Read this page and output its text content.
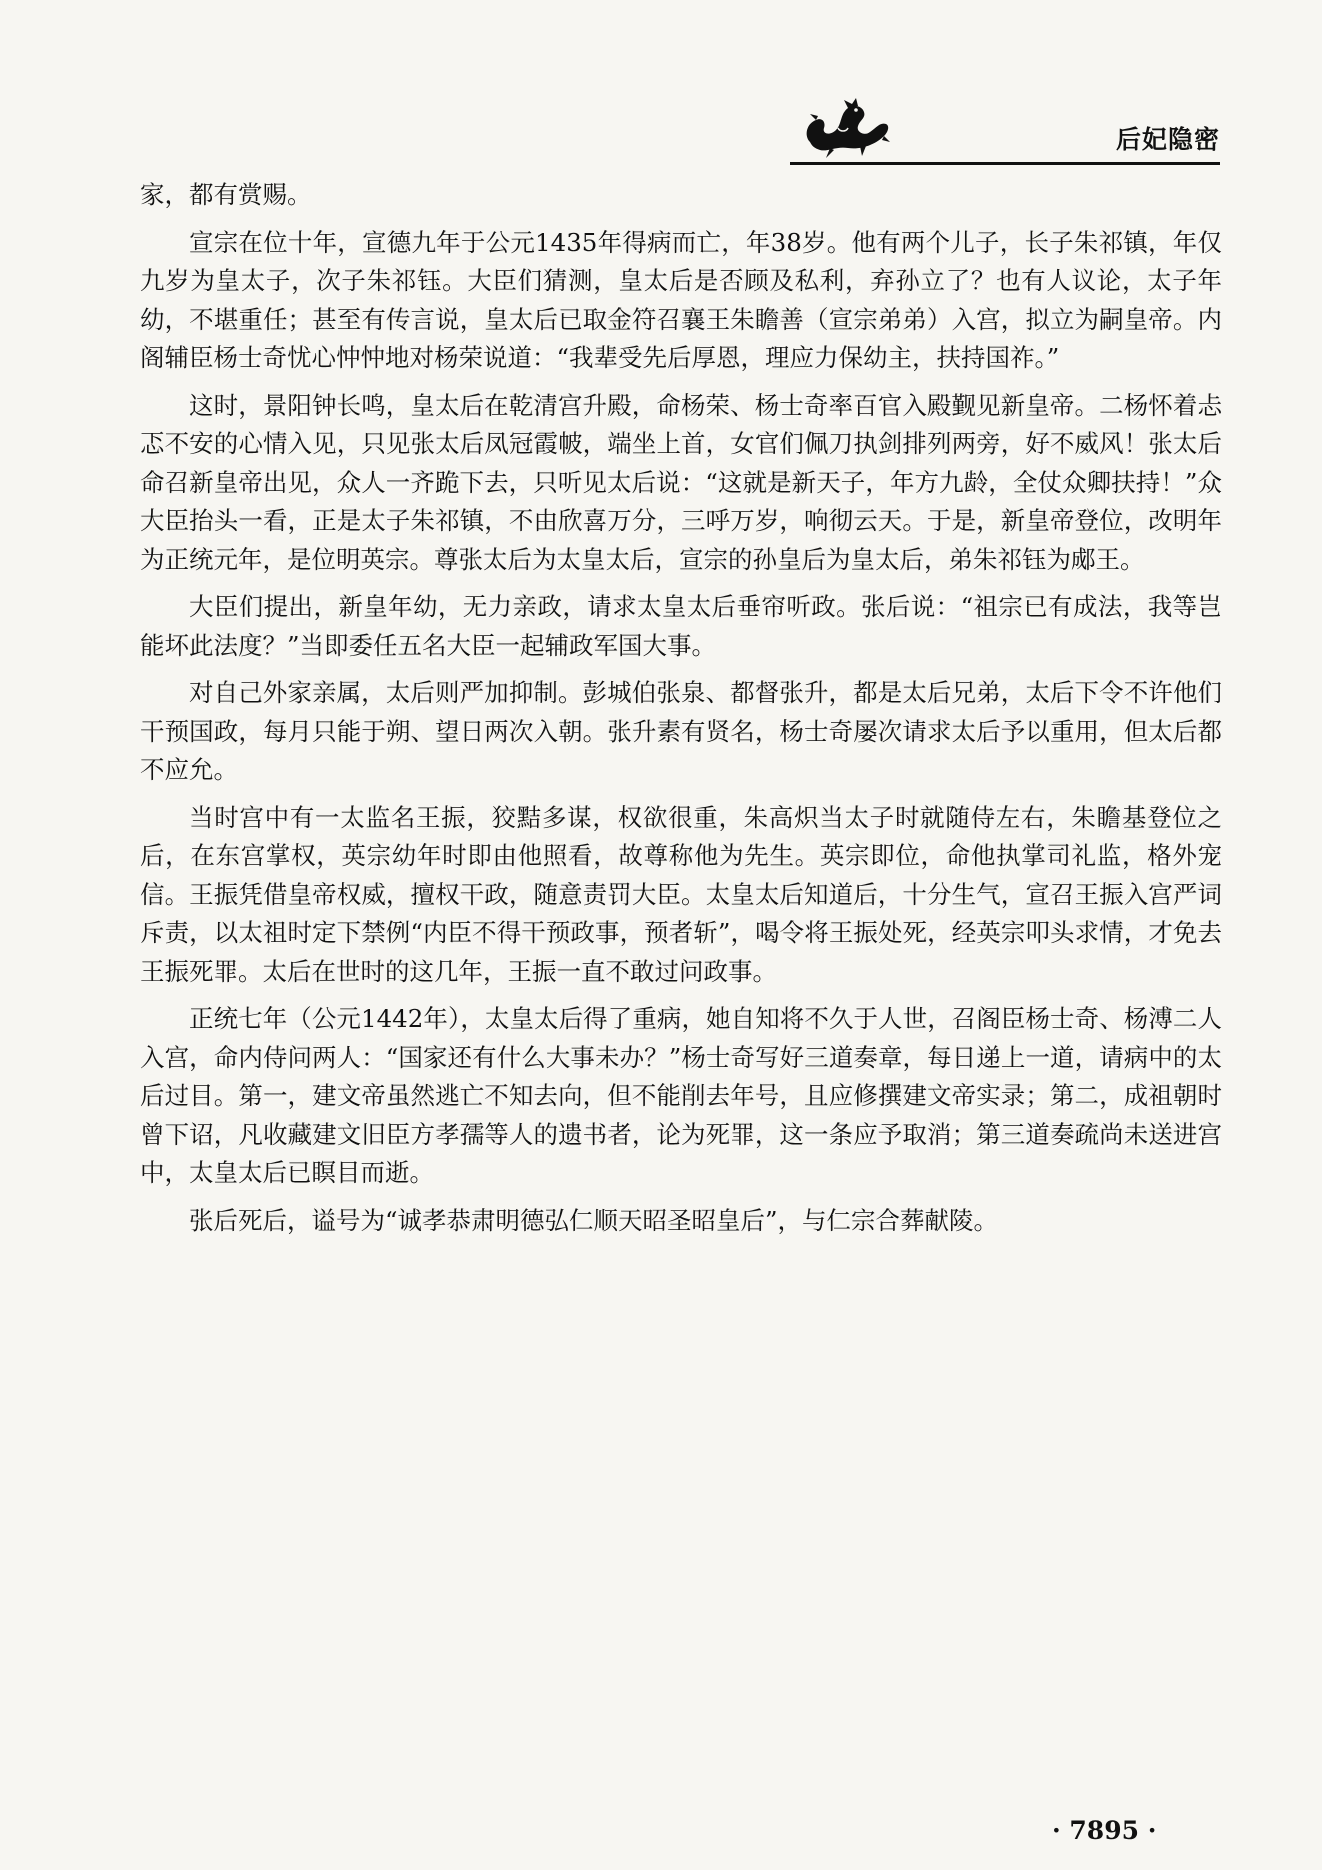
后妃隐密

家，都有赏赐。

宣宗在位十年，宣德九年于公元1435年得病而亡，年38岁。他有两个儿子，长子朱祁镇，年仅九岁为皇太子，次子朱祁钰。大臣们猜测，皇太后是否顾及私利，弃孙立了？也有人议论，太子年幼，不堪重任；甚至有传言说，皇太后已取金符召襄王朱瞻善（宣宗弟弟）入宫，拟立为嗣皇帝。内阁辅臣杨士奇忧心忡忡地对杨荣说道：“我辈受先后厚恩，理应力保幼主，扶持国祚。”

这时，景阳钟长鸣，皇太后在乾清宫升殿，命杨荣、杨士奇率百官入殿觐见新皇帝。二杨怀着忐忑不安的心情入见，只见张太后凤冠霞帔，端坐上首，女官们佩刀执剑排列两旁，好不威风！张太后命召新皇帝出见，众人一齐跪下去，只听见太后说：“这就是新天子，年方九龄，全仗众卿扶持！”众大臣抬头一看，正是太子朱祁镇，不由欣喜万分，三呼万岁，响彻云天。于是，新皇帝登位，改明年为正统元年，是位明英宗。尊张太后为太皇太后，宣宗的孙皇后为皇太后，弟朱祁钰为郕王。

大臣们提出，新皇年幼，无力亲政，请求太皇太后垂帘听政。张后说：“祖宗已有成法，我等岂能坏此法度？”当即委任五名大臣一起辅政军国大事。

对自己外家亲属，太后则严加抑制。彭城伯张泉、都督张升，都是太后兄弟，太后下令不许他们干预国政，每月只能于朔、望日两次入朝。张升素有贤名，杨士奇屡次请求太后予以重用，但太后都不应允。

当时宫中有一太监名王振，狡黠多谋，权欲很重，朱高炽当太子时就随侍左右，朱瞻基登位之后，在东宫掌权，英宗幼年时即由他照看，故尊称他为先生。英宗即位，命他执掌司礼监，格外宠信。王振凭借皇帝权威，擅权干政，随意责罚大臣。太皇太后知道后，十分生气，宣召王振入宫严词斥责，以太祖时定下禁例“内臣不得干预政事，预者斩”，喝令将王振处死，经英宗叩头求情，才免去王振死罪。太后在世时的这几年，王振一直不敢过问政事。

正统七年（公元1442年），太皇太后得了重病，她自知将不久于人世，召阁臣杨士奇、杨溥二人入宫，命内侍问两人：“国家还有什么大事未办？”杨士奇写好三道奏章，每日递上一道，请病中的太后过目。第一，建文帝虽然逃亡不知去向，但不能削去年号，且应修撰建文帝实录；第二，成祖朝时曾下诏，凡收藏建文旧臣方孝孺等人的遗书者，论为死罪，这一条应予取消；第三道奏疏尚未送进宫中，太皇太后已瞑目而逝。

张后死后，谥号为“诚孝恭肃明德弘仁顺天昭圣昭皇后”，与仁宗合葬献陵。

· 7895 ·
